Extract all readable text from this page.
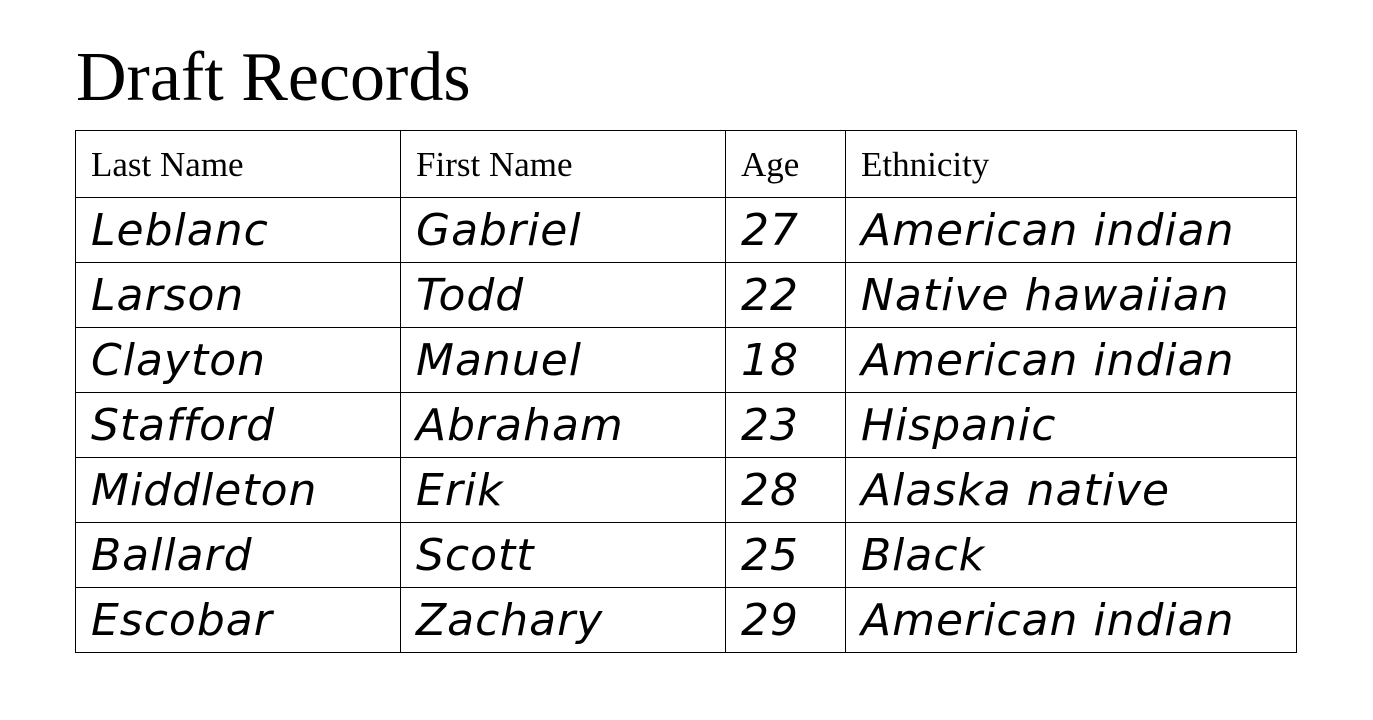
Draft Records
Last Name	First Name	Age	Ethnicity
Leblanc	Gabriel	27	American indian
Larson	Todd	22	Native hawaiian
Clayton	Manuel	18	American indian
Stafford	Abraham	23	Hispanic
Middleton	Erik	28	Alaska native
Ballard	Scott	25	Black
Escobar	Zachary	29	American indian
